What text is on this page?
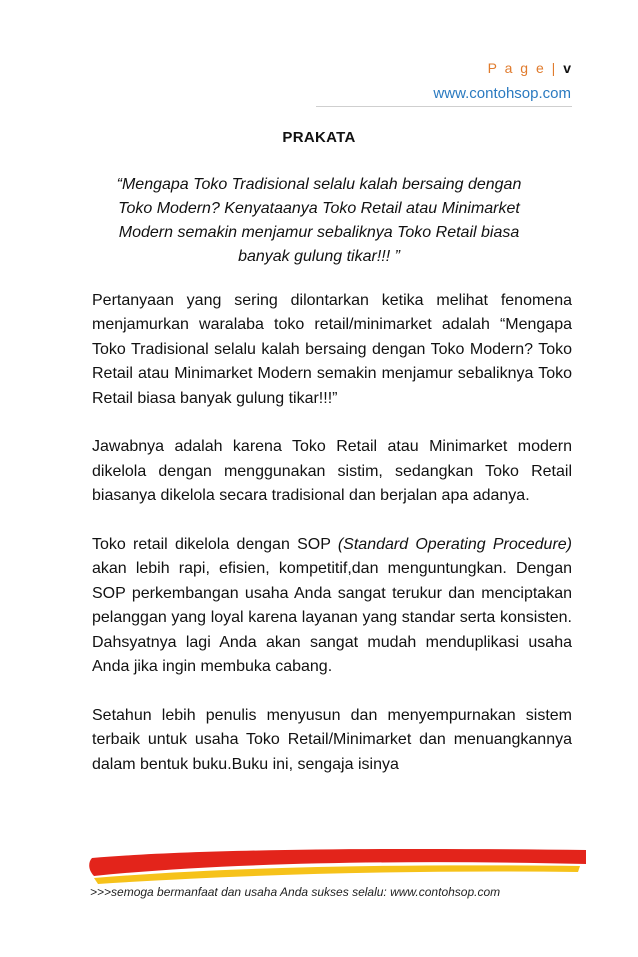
P a g e | v
www.contohsop.com
PRAKATA
“Mengapa Toko Tradisional selalu kalah bersaing dengan Toko Modern? Kenyataanya Toko Retail atau Minimarket Modern semakin menjamur sebaliknya Toko Retail biasa banyak gulung tikar!!! ”

Pertanyaan yang sering dilontarkan ketika melihat fenomena menjamurkan waralaba toko retail/minimarket adalah “Mengapa Toko Tradisional selalu kalah bersaing dengan Toko Modern? Toko Retail atau Minimarket Modern semakin menjamur sebaliknya Toko Retail biasa banyak gulung tikar!!!”

Jawabnya adalah karena Toko Retail atau Minimarket modern dikelola dengan menggunakan sistim, sedangkan Toko Retail biasanya dikelola secara tradisional dan berjalan apa adanya.

Toko retail dikelola dengan SOP (Standard Operating Procedure) akan lebih rapi, efisien, kompetitif,dan menguntungkan. Dengan SOP perkembangan usaha Anda sangat terukur dan menciptakan pelanggan yang loyal karena layanan yang standar serta konsisten. Dahsyatnya lagi Anda akan sangat mudah menduplikasi usaha Anda jika ingin membuka cabang.

Setahun lebih penulis menyusun dan menyempurnakan sistem terbaik untuk usaha Toko Retail/Minimarket dan menuangkannya dalam bentuk buku.Buku ini, sengaja isinya

>>>semoga bermanfaat dan usaha Anda sukses selalu: www.contohsop.com
